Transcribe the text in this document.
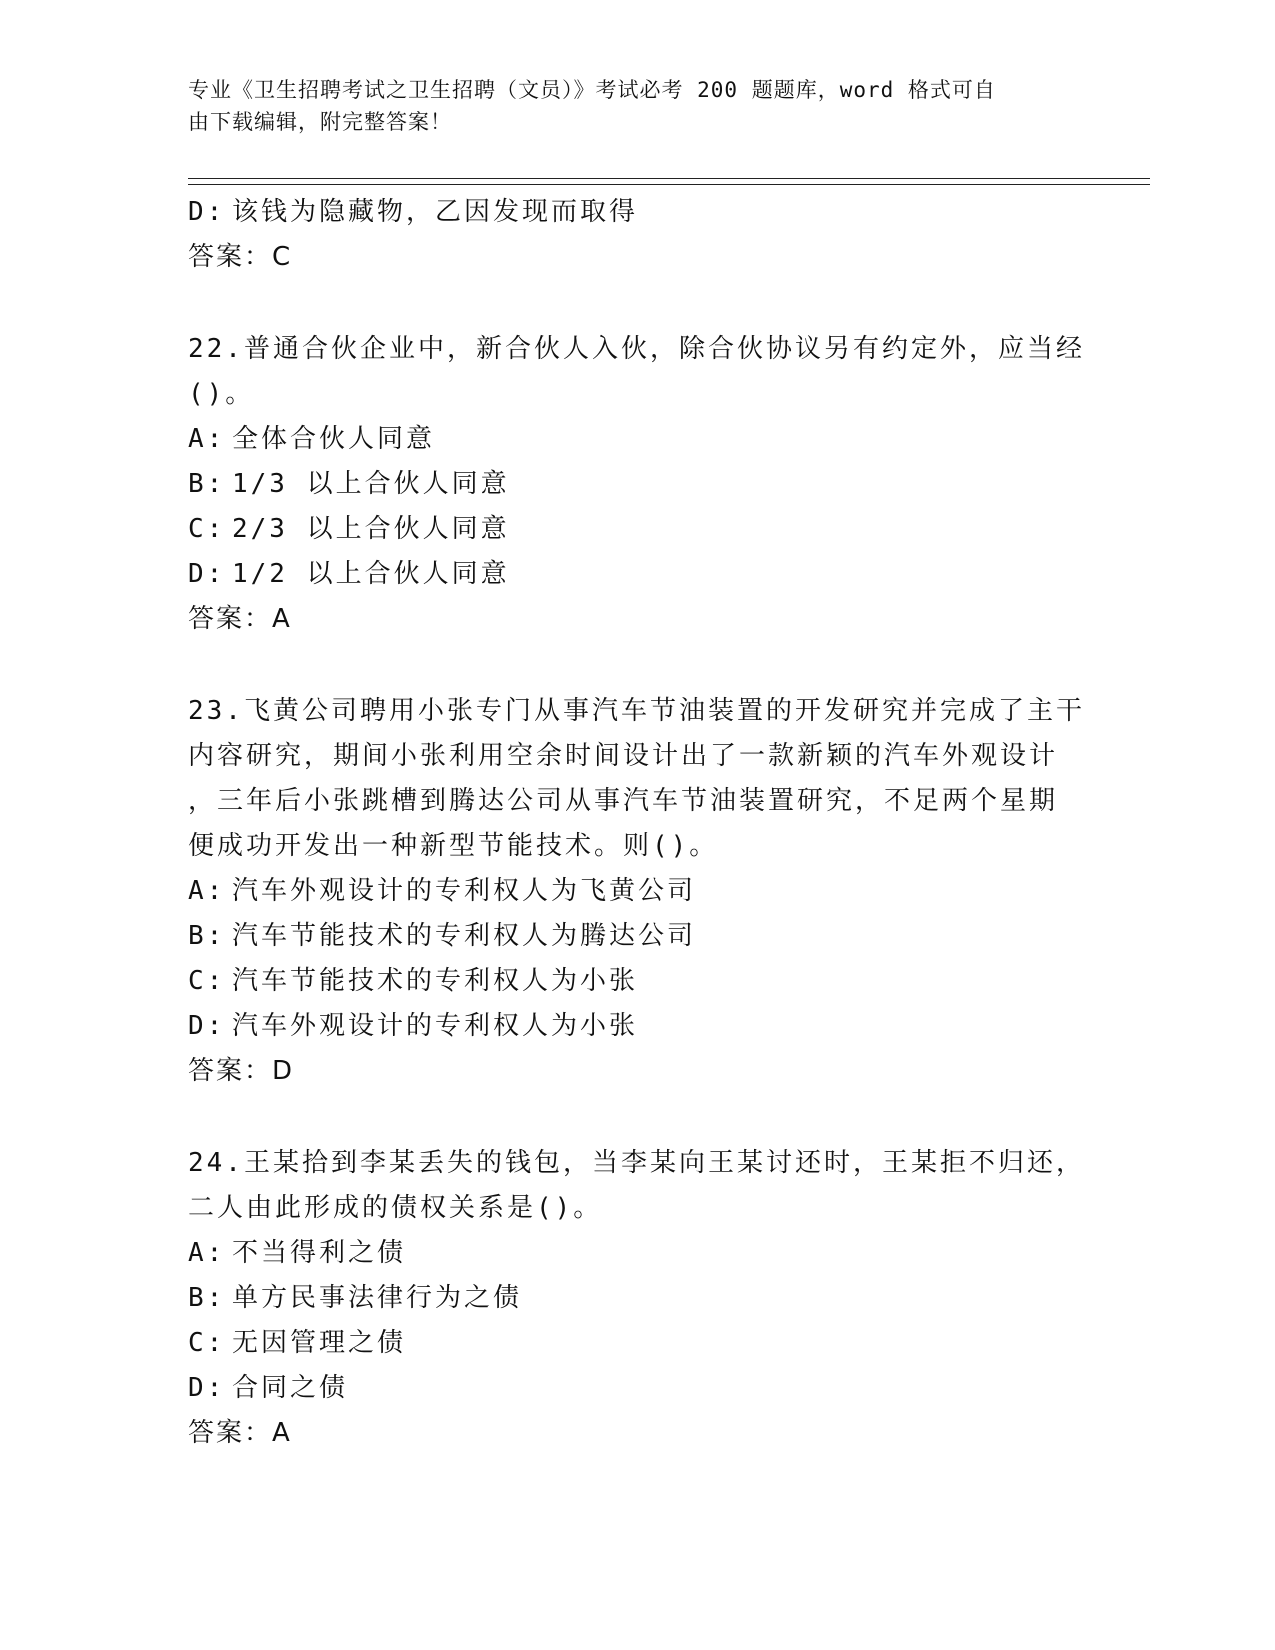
专业《卫生招聘考试之卫生招聘（文员）》考试必考 200 题题库，word 格式可自
由下载编辑，附完整答案！
D: 该钱为隐藏物，乙因发现而取得
答案：C
22.普通合伙企业中，新合伙人入伙，除合伙协议另有约定外，应当经
()。
A: 全体合伙人同意
B: 1/3 以上合伙人同意
C: 2/3 以上合伙人同意
D: 1/2 以上合伙人同意
答案：A
23.飞黄公司聘用小张专门从事汽车节油装置的开发研究并完成了主干
内容研究，期间小张利用空余时间设计出了一款新颖的汽车外观设计
，三年后小张跳槽到腾达公司从事汽车节油装置研究，不足两个星期
便成功开发出一种新型节能技术。则()。
A: 汽车外观设计的专利权人为飞黄公司
B: 汽车节能技术的专利权人为腾达公司
C: 汽车节能技术的专利权人为小张
D: 汽车外观设计的专利权人为小张
答案：D
24.王某拾到李某丢失的钱包，当李某向王某讨还时，王某拒不归还，
二人由此形成的债权关系是()。
A: 不当得利之债
B: 单方民事法律行为之债
C: 无因管理之债
D: 合同之债
答案：A
